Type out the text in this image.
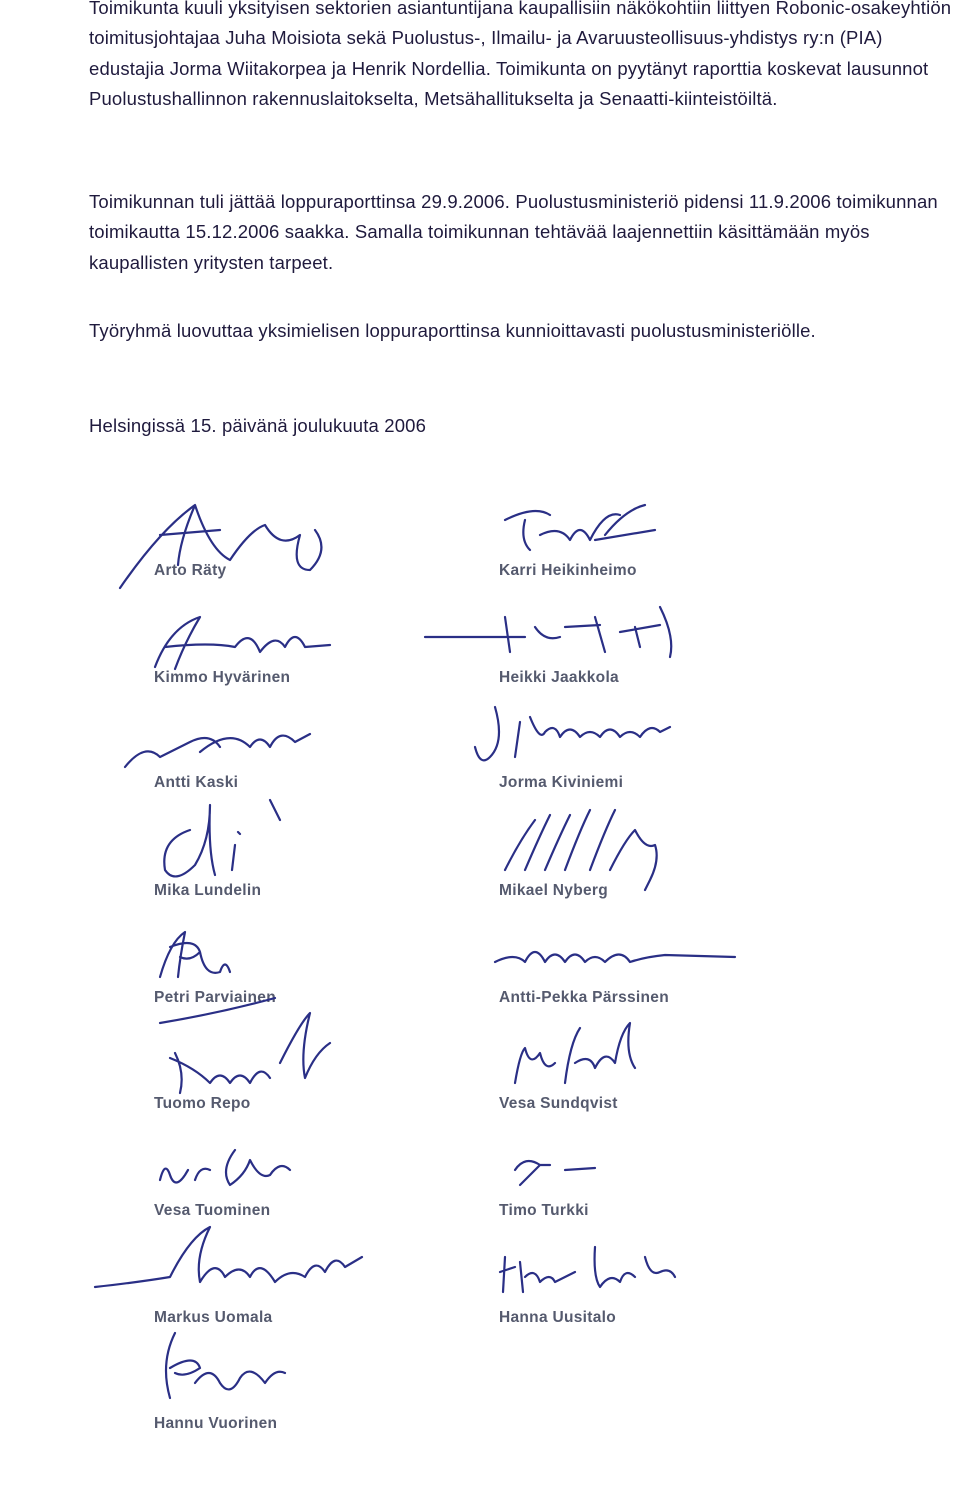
Toimikunta kuuli yksityisen sektorien asiantuntijana kaupallisiin näkökohtiin liittyen Robonic-osakeyhtiön toimitusjohtajaa Juha Moisiota sekä Puolustus-, Ilmailu- ja Avaruusteollisuus-yhdistys ry:n (PIA) edustajia Jorma Wiitakorpea ja Henrik Nordellia. Toimikunta on pyytänyt raporttia koskevat lausunnot Puolustushallinnon rakennuslaitokselta, Metsähallitukselta ja Senaatti-kiinteistöiltä.

Toimikunnan tuli jättää loppuraporttinsa 29.9.2006. Puolustusministeriö pidensi 11.9.2006 toimikunnan toimikautta 15.12.2006 saakka. Samalla toimikunnan tehtävää laajennettiin käsittämään myös kaupallisten yritysten tarpeet.

Työryhmä luovuttaa yksimielisen loppuraporttinsa kunnioittavasti puolustusministeriölle.

Helsingissä 15. päivänä joulukuuta 2006

Arto Räty
Kimmo Hyvärinen
Antti Kaski
Mika Lundelin
Petri Parviainen
Tuomo Repo
Vesa Tuominen
Markus Uomala
Hannu Vuorinen
Karri Heikinheimo
Heikki Jaakkola
Jorma Kiviniemi
Mikael Nyberg
Antti-Pekka Pärssinen
Vesa Sundqvist
Timo Turkki
Hanna Uusitalo
